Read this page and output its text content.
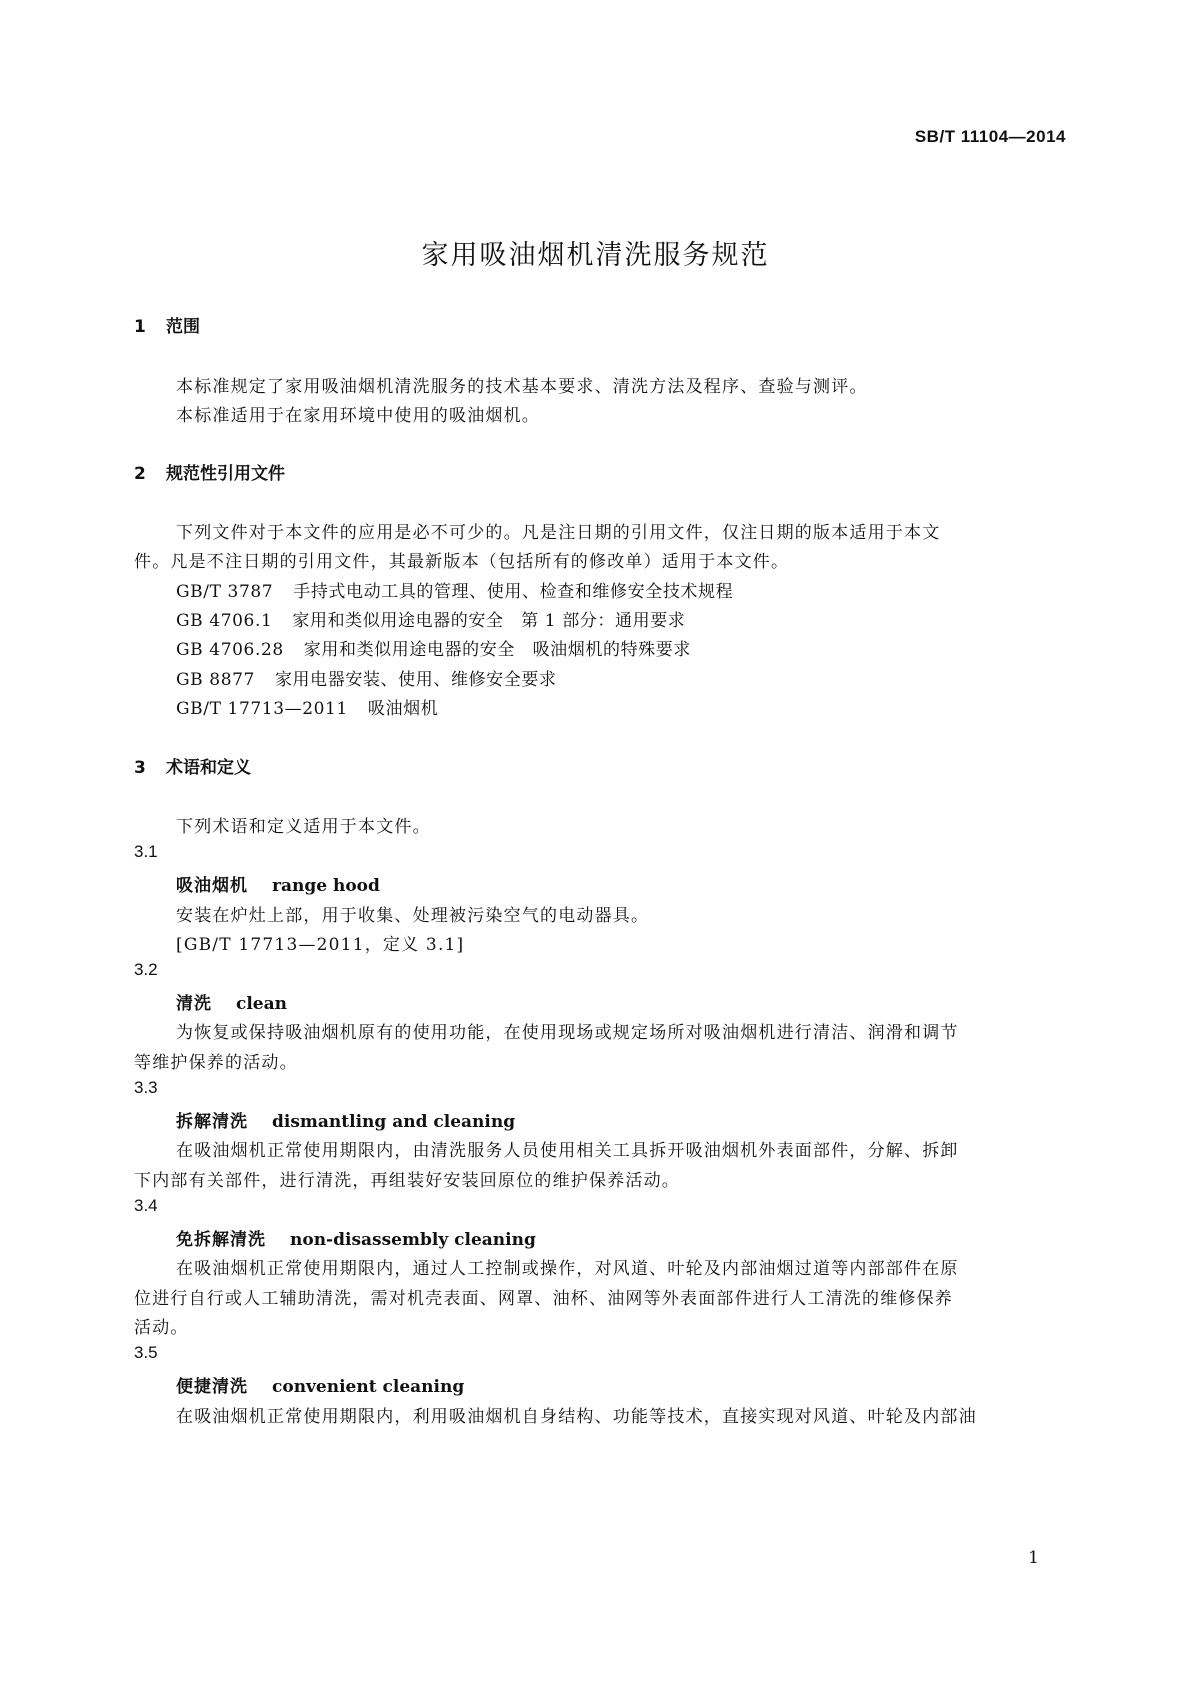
SB/T 11104—2014
家用吸油烟机清洗服务规范
1 范围
本标准规定了家用吸油烟机清洗服务的技术基本要求、清洗方法及程序、查验与测评。
本标准适用于在家用环境中使用的吸油烟机。
2 规范性引用文件
下列文件对于本文件的应用是必不可少的。凡是注日期的引用文件，仅注日期的版本适用于本文
件。凡是不注日期的引用文件，其最新版本（包括所有的修改单）适用于本文件。
GB/T 3787 手持式电动工具的管理、使用、检查和维修安全技术规程
GB 4706.1 家用和类似用途电器的安全　第 1 部分：通用要求
GB 4706.28 家用和类似用途电器的安全　吸油烟机的特殊要求
GB 8877 家用电器安装、使用、维修安全要求
GB/T 17713—2011 吸油烟机
3 术语和定义
下列术语和定义适用于本文件。
3.1
吸油烟机 range hood
安装在炉灶上部，用于收集、处理被污染空气的电动器具。
[GB/T 17713—2011，定义 3.1]
3.2
清洗 clean
为恢复或保持吸油烟机原有的使用功能，在使用现场或规定场所对吸油烟机进行清洁、润滑和调节
等维护保养的活动。
3.3
拆解清洗 dismantling and cleaning
在吸油烟机正常使用期限内，由清洗服务人员使用相关工具拆开吸油烟机外表面部件，分解、拆卸
下内部有关部件，进行清洗，再组装好安装回原位的维护保养活动。
3.4
免拆解清洗 non-disassembly cleaning
在吸油烟机正常使用期限内，通过人工控制或操作，对风道、叶轮及内部油烟过道等内部部件在原
位进行自行或人工辅助清洗，需对机壳表面、网罩、油杯、油网等外表面部件进行人工清洗的维修保养
活动。
3.5
便捷清洗 convenient cleaning
在吸油烟机正常使用期限内，利用吸油烟机自身结构、功能等技术，直接实现对风道、叶轮及内部油
1
